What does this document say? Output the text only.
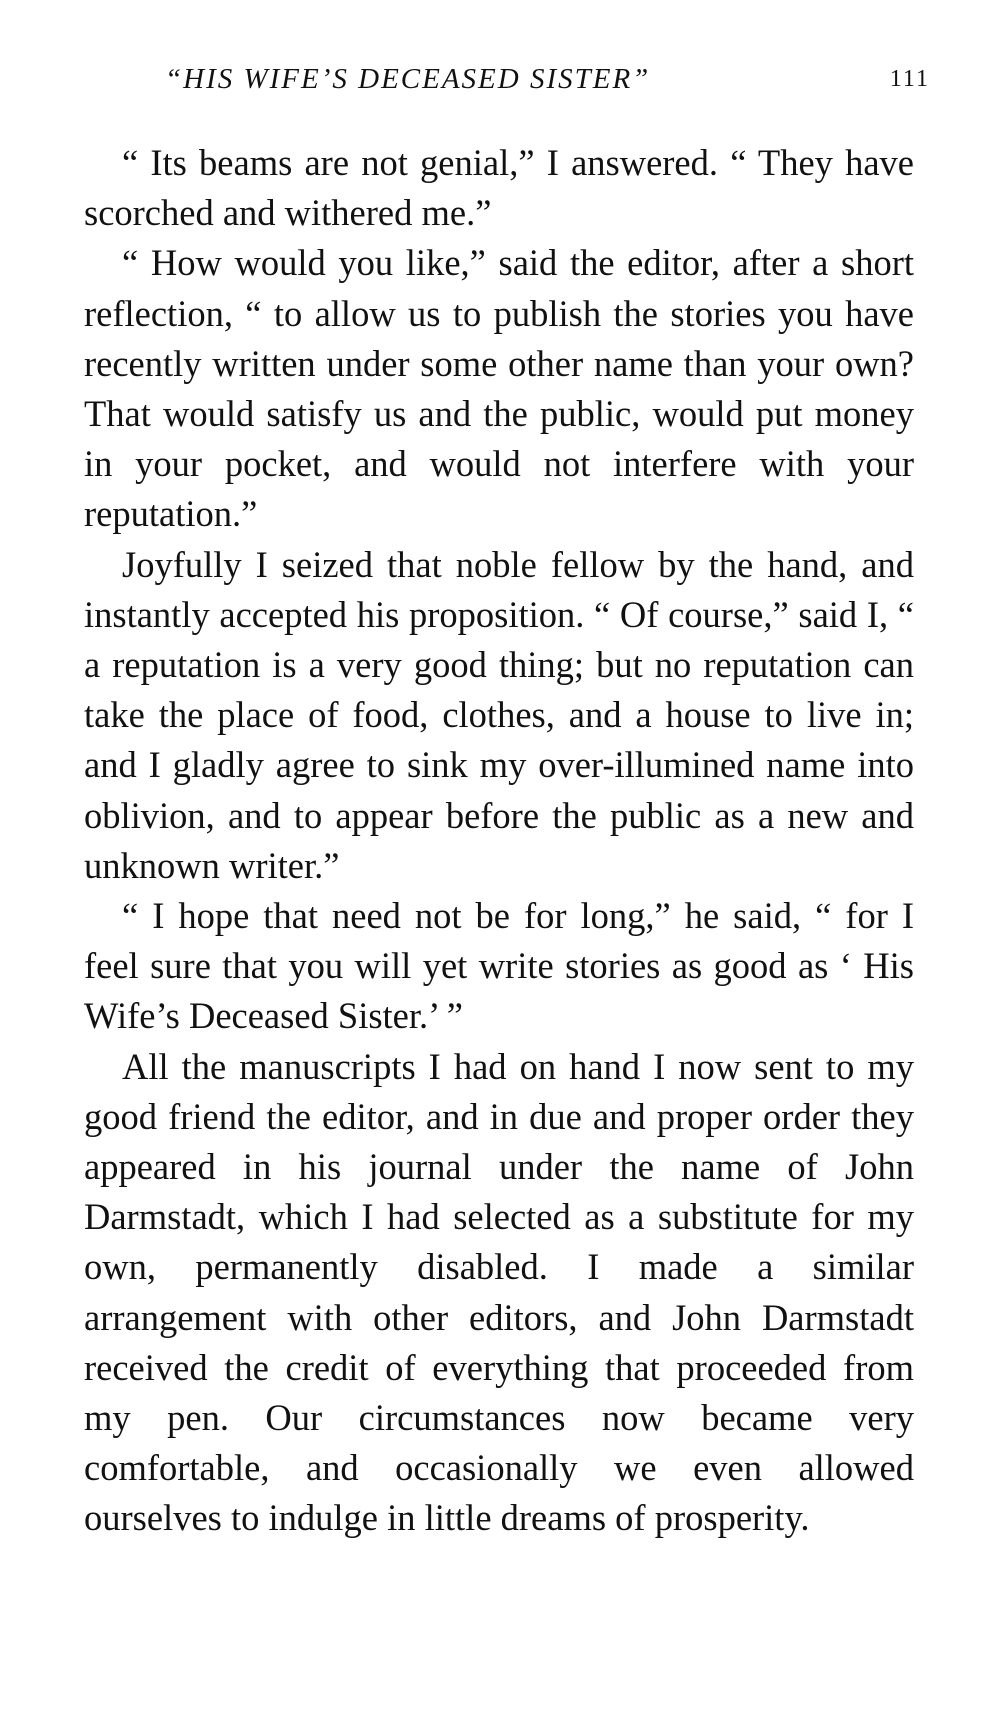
“HIS WIFE’S DECEASED SISTER”	111

“ Its beams are not genial,” I answered. “ They have scorched and withered me.”

“ How would you like,” said the editor, after a short reflection, “ to allow us to publish the stories you have recently written under some other name than your own? That would satisfy us and the public, would put money in your pocket, and would not interfere with your reputation.”

Joyfully I seized that noble fellow by the hand, and instantly accepted his proposition. “ Of course,” said I, “ a reputation is a very good thing; but no reputation can take the place of food, clothes, and a house to live in; and I gladly agree to sink my over-illumined name into oblivion, and to appear before the public as a new and unknown writer.”

“ I hope that need not be for long,” he said, “ for I feel sure that you will yet write stories as good as ‘ His Wife’s Deceased Sister.’ ”

All the manuscripts I had on hand I now sent to my good friend the editor, and in due and proper order they appeared in his journal under the name of John Darmstadt, which I had selected as a substitute for my own, permanently disabled. I made a similar arrangement with other editors, and John Darmstadt received the credit of everything that proceeded from my pen. Our circumstances now became very comfortable, and occasionally we even allowed ourselves to indulge in little dreams of prosperity.
